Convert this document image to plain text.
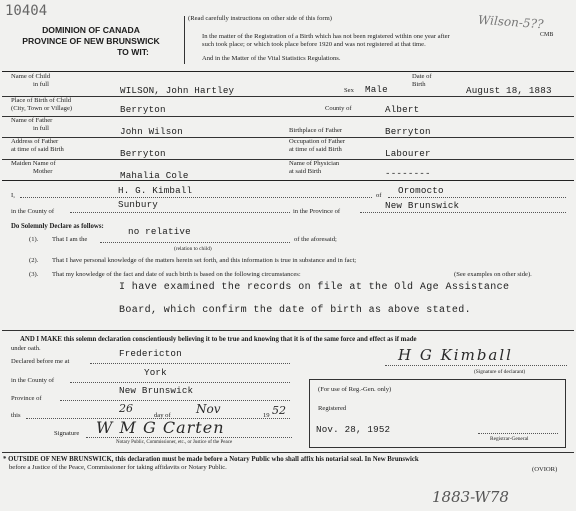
10404
Wilson-5??
1883-W78
CMB
DOMINION OF CANADA
PROVINCE OF NEW BRUNSWICK
TO WIT:
(Read carefully instructions on other side of this form)
In the matter of the Registration of a Birth which has not been registered within one year after
such took place; or which took place before 1920 and was not registered at that time.
And in the Matter of the Vital Statistics Regulations.
Name of Child
in full
WILSON, John Hartley	Sex Male
Date of
Birth
August 18, 1883
Place of Birth of Child
(City, Town or Village)	Berryton	County of	Albert
Name of Father
in full	John Wilson	Birthplace of Father	Berryton
Address of Father
at time of said Birth	Berryton
Occupation of Father
at time of said Birth	Labourer
Maiden Name of
Mother	Mahalia Cole
Name of Physician
at said Birth	--------
I,	H. G. Kimball	of Oromocto
in the County of
Sunbury
in the Province of
New Brunswick
Do Solemnly Declare as follows:
(1). That I am the
no relative
of the aforesaid;
(relation to child)
(2). That I have personal knowledge of the matters herein set forth, and this information is true in substance and in fact;
(3). That my knowledge of the fact and date of such birth is based on the following circumstances:	(See examples on other side).
I have examined the records on file at the Old Age Assistance
Board, which confirm the date of birth as above stated.
AND I MAKE this solemn declaration conscientiously believing it to be true and knowing that it is of the same force and effect as if made
under oath.
Declared before me at
Fredericton	H G Kimball
(Signature of declarant)
in the County of
York
Province of
New Brunswick
this
26
day of Nov	19 52
Signature W M G Carten
Notary Public, Commissioner, etc., or Justice of the Peace
(For use of Reg.-Gen. only)
Registered
Nov. 28, 1952
Registrar-General
* OUTSIDE OF NEW BRUNSWICK, this declaration must be made before a Notary Public who shall affix his notarial seal. In New Brunswick
before a Justice of the Peace, Commissioner for taking affidavits or Notary Public.	(OVIOR)
